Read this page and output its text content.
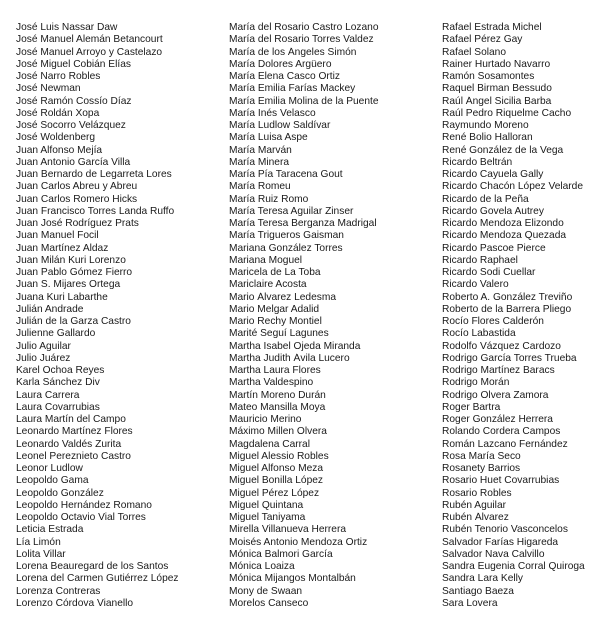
José Luis Nassar Daw
José Manuel Alemán Betancourt
José Manuel Arroyo y Castelazo
José Miguel Cobián Elías
José Narro Robles
José Newman
José Ramón Cossío Díaz
José Roldán Xopa
José Socorro Velázquez
José Woldenberg
Juan Alfonso Mejía
Juan Antonio García Villa
Juan Bernardo de Legarreta Lores
Juan Carlos Abreu y Abreu
Juan Carlos Romero Hicks
Juan Francisco Torres Landa Ruffo
Juan José Rodríguez Prats
Juan Manuel Focil
Juan Martínez Aldaz
Juan Milán Kuri Lorenzo
Juan Pablo Gómez Fierro
Juan S. Mijares Ortega
Juana Kuri Labarthe
Julián Andrade
Julián de la Garza Castro
Julienne Gallardo
Julio Aguilar
Julio Juárez
Karel Ochoa Reyes
Karla Sánchez Div
Laura Carrera
Laura Covarrubias
Laura Martín del Campo
Leonardo Martínez Flores
Leonardo Valdés Zurita
Leonel Pereznieto Castro
Leonor Ludlow
Leopoldo Gama
Leopoldo González
Leopoldo Hernández Romano
Leopoldo Octavio Vial Torres
Leticia Estrada
Lía Limón
Lolita Villar
Lorena Beauregard de los Santos
Lorena del Carmen Gutiérrez López
Lorenza Contreras
Lorenzo Córdova Vianello
María del Rosario Castro Lozano
María del Rosario Torres Valdez
María de los Ángeles Simón
María Dolores Argüero
María Elena Casco Ortiz
María Emilia Farías Mackey
María Emilia Molina de la Puente
María Inés Velasco
María Ludlow Saldívar
María Luisa Aspe
María Marván
María Minera
María Pía Taracena Gout
María Romeu
María Ruiz Romo
María Teresa Aguilar Zinser
María Teresa Berganza Madrigal
María Trigueros Gaisman
Mariana González Torres
Mariana Moguel
Maricela de La Toba
Mariclaire Acosta
Mario Álvarez Ledesma
Mario Melgar Adalid
Mario Rechy Montiel
Marité Seguí Lagunes
Martha Isabel Ojeda Miranda
Martha Judith Ávila Lucero
Martha Laura Flores
Martha Valdespino
Martín Moreno Durán
Mateo Mansilla Moya
Mauricio Merino
Máximo Millen Olvera
Magdalena Carral
Miguel Alessio Robles
Miguel Alfonso Meza
Miguel Bonilla López
Miguel Pérez López
Miguel Quintana
Miguel Taniyama
Mirella Villanueva Herrera
Moisés Antonio Mendoza Ortiz
Mónica Balmori García
Mónica Loaiza
Mónica Mijangos Montalbán
Mony de Swaan
Morelos Canseco
Rafael Estrada Michel
Rafael Pérez Gay
Rafael Solano
Rainer Hurtado Navarro
Ramón Sosamontes
Raquel Birman Bessudo
Raúl Ángel Sicilia Barba
Raúl Pedro Riquelme Cacho
Raymundo Moreno
René Bolio Halloran
René González de la Vega
Ricardo Beltrán
Ricardo Cayuela Gally
Ricardo Chacón López Velarde
Ricardo de la Peña
Ricardo Govela Autrey
Ricardo Mendoza Elizondo
Ricardo Mendoza Quezada
Ricardo Pascoe Pierce
Ricardo Raphael
Ricardo Sodi Cuellar
Ricardo Valero
Roberto A. González Treviño
Roberto de la Barrera Pliego
Rocío Flores Calderón
Rocío Labastida
Rodolfo Vázquez Cardozo
Rodrigo García Torres Trueba
Rodrigo Martínez Baracs
Rodrigo Morán
Rodrigo Olvera Zamora
Roger Bartra
Roger González Herrera
Rolando Cordera Campos
Román Lazcano Fernández
Rosa María Seco
Rosanety Barrios
Rosario Huet Covarrubias
Rosario Robles
Rubén Aguilar
Rubén Álvarez
Rubén Tenorio Vasconcelos
Salvador Farías Higareda
Salvador Nava Calvillo
Sandra Eugenia Corral Quiroga
Sandra Lara Kelly
Santiago Baeza
Sara Lovera
